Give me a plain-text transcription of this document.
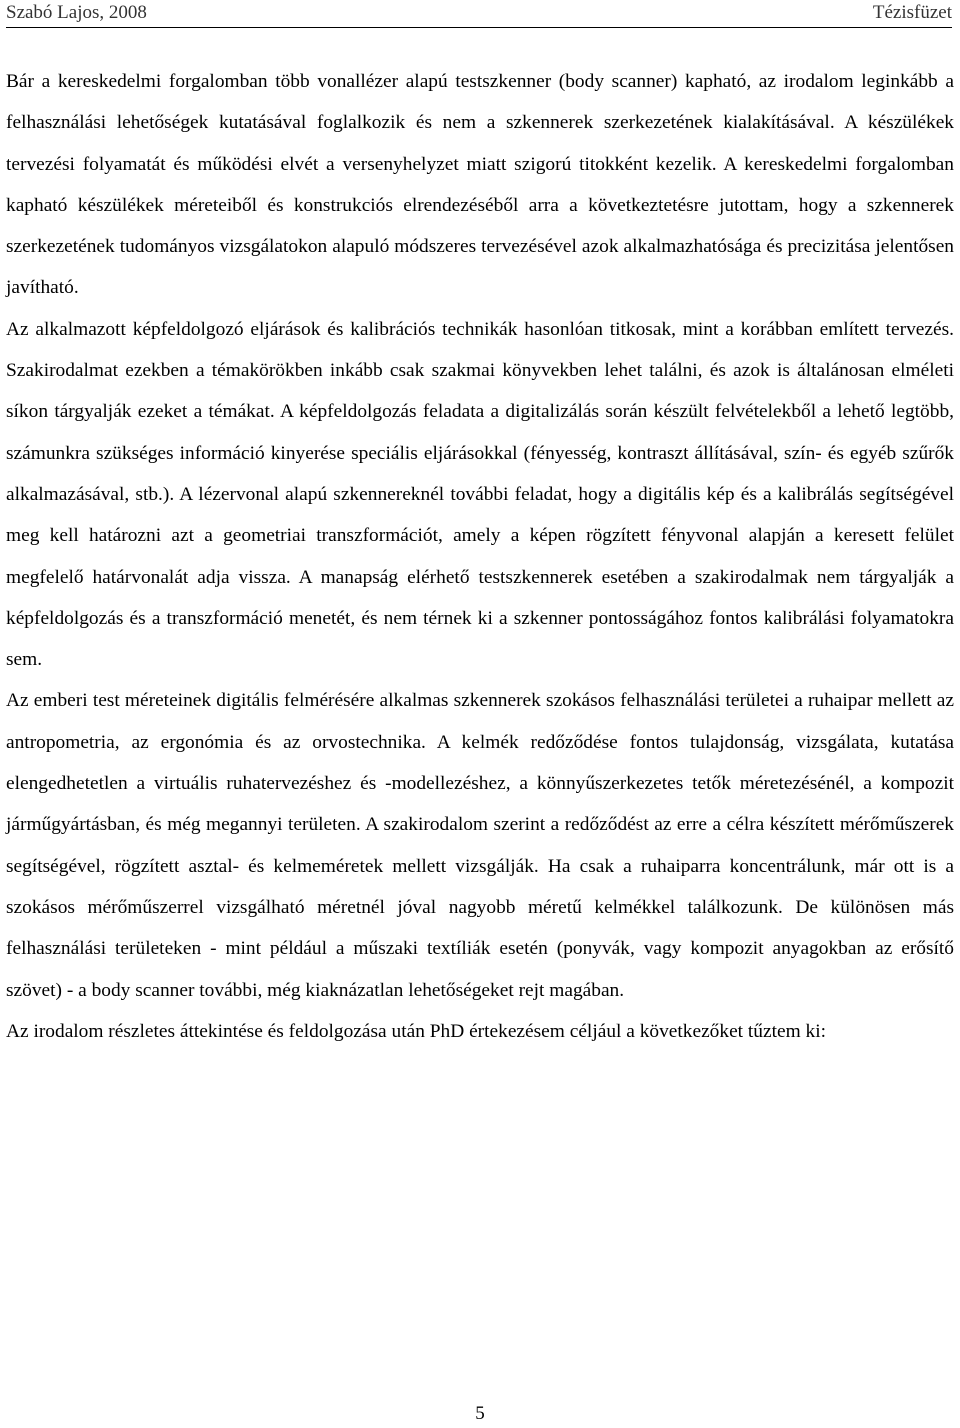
Szabó Lajos, 2008	Tézisfüzet

Bár a kereskedelmi forgalomban több vonallézer alapú testszkenner (body scanner) kapható, az irodalom leginkább a felhasználási lehetőségek kutatásával foglalkozik és nem a szkennerek szerkezetének kialakításával. A készülékek tervezési folyamatát és működési elvét a versenyhelyzet miatt szigorú titokként kezelik. A kereskedelmi forgalomban kapható készülékek méreteiből és konstrukciós elrendezéséből arra a következtetésre jutottam, hogy a szkennerek szerkezetének tudományos vizsgálatokon alapuló módszeres tervezésével azok alkalmazhatósága és precizitása jelentősen javítható.

Az alkalmazott képfeldolgozó eljárások és kalibrációs technikák hasonlóan titkosak, mint a korábban említett tervezés. Szakirodalmat ezekben a témakörökben inkább csak szakmai könyvekben lehet találni, és azok is általánosan elméleti síkon tárgyalják ezeket a témákat. A képfeldolgozás feladata a digitalizálás során készült felvételekből a lehető legtöbb, számunkra szükséges információ kinyerése speciális eljárásokkal (fényesség, kontraszt állításával, szín- és egyéb szűrők alkalmazásával, stb.). A lézervonal alapú szkennereknél további feladat, hogy a digitális kép és a kalibrálás segítségével meg kell határozni azt a geometriai transzformációt, amely a képen rögzített fényvonal alapján a keresett felület megfelelő határvonalát adja vissza. A manapság elérhető testszkennerek esetében a szakirodalmak nem tárgyalják a képfeldolgozás és a transzformáció menetét, és nem térnek ki a szkenner pontosságához fontos kalibrálási folyamatokra sem.

Az emberi test méreteinek digitális felmérésére alkalmas szkennerek szokásos felhasználási területei a ruhaipar mellett az antropometria, az ergonómia és az orvostechnika. A kelmék redőződése fontos tulajdonság, vizsgálata, kutatása elengedhetetlen a virtuális ruhatervezéshez és -modellezéshez, a könnyűszerkezetes tetők méretezésénél, a kompozit járműgyártásban, és még megannyi területen. A szakirodalom szerint a redőződést az erre a célra készített mérőműszerek segítségével, rögzített asztal- és kelmeméretek mellett vizsgálják. Ha csak a ruhaiparra koncentrálunk, már ott is a szokásos mérőműszerrel vizsgálható méretnél jóval nagyobb méretű kelmékkel találkozunk. De különösen más felhasználási területeken - mint például a műszaki textíliák esetén (ponyvák, vagy kompozit anyagokban az erősítő szövet) - a body scanner további, még kiaknázatlan lehetőségeket rejt magában.

Az irodalom részletes áttekintése és feldolgozása után PhD értekezésem céljául a következőket tűztem ki:

5
